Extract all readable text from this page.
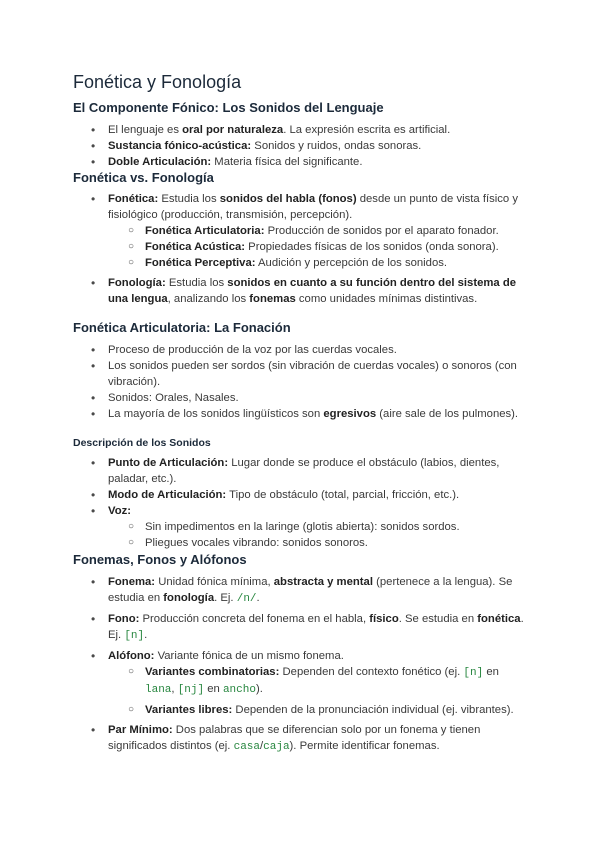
Fonética y Fonología
El Componente Fónico: Los Sonidos del Lenguaje
• El lenguaje es oral por naturaleza. La expresión escrita es artificial.
• Sustancia fónico-acústica: Sonidos y ruidos, ondas sonoras.
• Doble Articulación: Materia física del significante.
Fonética vs. Fonología
• Fonética: Estudia los sonidos del habla (fonos) desde un punto de vista físico y fisiológico (producción, transmisión, percepción).
○ Fonética Articulatoria: Producción de sonidos por el aparato fonador.
○ Fonética Acústica: Propiedades físicas de los sonidos (onda sonora).
○ Fonética Perceptiva: Audición y percepción de los sonidos.
• Fonología: Estudia los sonidos en cuanto a su función dentro del sistema de una lengua, analizando los fonemas como unidades mínimas distintivas.
Fonética Articulatoria: La Fonación
• Proceso de producción de la voz por las cuerdas vocales.
• Los sonidos pueden ser sordos (sin vibración de cuerdas vocales) o sonoros (con vibración).
• Sonidos: Orales, Nasales.
• La mayoría de los sonidos lingüísticos son egresivos (aire sale de los pulmones).
Descripción de los Sonidos
• Punto de Articulación: Lugar donde se produce el obstáculo (labios, dientes, paladar, etc.).
• Modo de Articulación: Tipo de obstáculo (total, parcial, fricción, etc.).
• Voz:
○ Sin impedimentos en la laringe (glotis abierta): sonidos sordos.
○ Pliegues vocales vibrando: sonidos sonoros.
Fonemas, Fonos y Alófonos
• Fonema: Unidad fónica mínima, abstracta y mental (pertenece a la lengua). Se estudia en fonología. Ej. /n/.
• Fono: Producción concreta del fonema en el habla, físico. Se estudia en fonética. Ej. [n].
• Alófono: Variante fónica de un mismo fonema.
○ Variantes combinatorias: Dependen del contexto fonético (ej. [n] en lana, [nj] en ancho).
○ Variantes libres: Dependen de la pronunciación individual (ej. vibrantes).
• Par Mínimo: Dos palabras que se diferencian solo por un fonema y tienen significados distintos (ej. casa/caja). Permite identificar fonemas.
